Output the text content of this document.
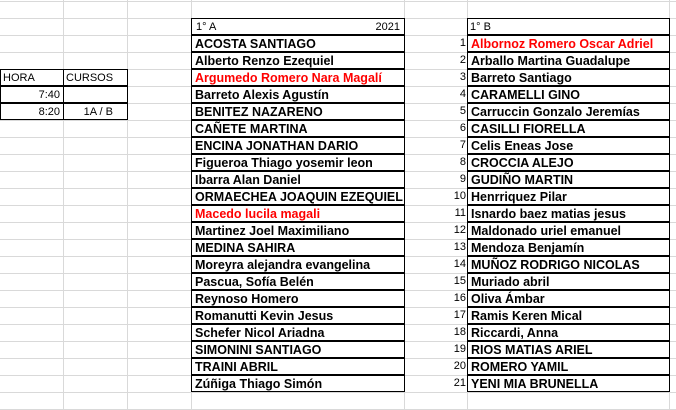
HORA	CURSOS
7:40
8:20	1A / B
1° A	2021
ACOSTA SANTIAGO
Alberto Renzo Ezequiel
Argumedo Romero Nara Magalí
Barreto Alexis Agustín
BENITEZ NAZARENO
CAÑETE MARTINA
ENCINA JONATHAN DARIO
Figueroa Thiago yosemir leon
Ibarra Alan Daniel
ORMAECHEA JOAQUIN EZEQUIEL
Macedo lucila magali
Martinez Joel Maximiliano
MEDINA SAHIRA
Moreyra alejandra evangelina
Pascua, Sofía Belén
Reynoso Homero
Romanutti Kevin Jesus
Schefer Nicol Ariadna
SIMONINI SANTIAGO
TRAINI ABRIL
Zúñiga Thiago Simón
1° B
1 Albornoz Romero Oscar Adriel
2 Arballo Martina Guadalupe
3 Barreto Santiago
4 CARAMELLI GINO
5 Carruccin Gonzalo Jeremías
6 CASILLI FIORELLA
7 Celis Eneas Jose
8 CROCCIA ALEJO
9 GUDIÑO MARTIN
10 Henrriquez Pilar
11 Isnardo baez matias jesus
12 Maldonado uriel emanuel
13 Mendoza Benjamín
14 MUÑOZ RODRIGO NICOLAS
15 Muriado abril
16 Oliva Ámbar
17 Ramis Keren Mical
18 Riccardi, Anna
19 RIOS MATIAS ARIEL
20 ROMERO YAMIL
21 YENI MIA BRUNELLA
